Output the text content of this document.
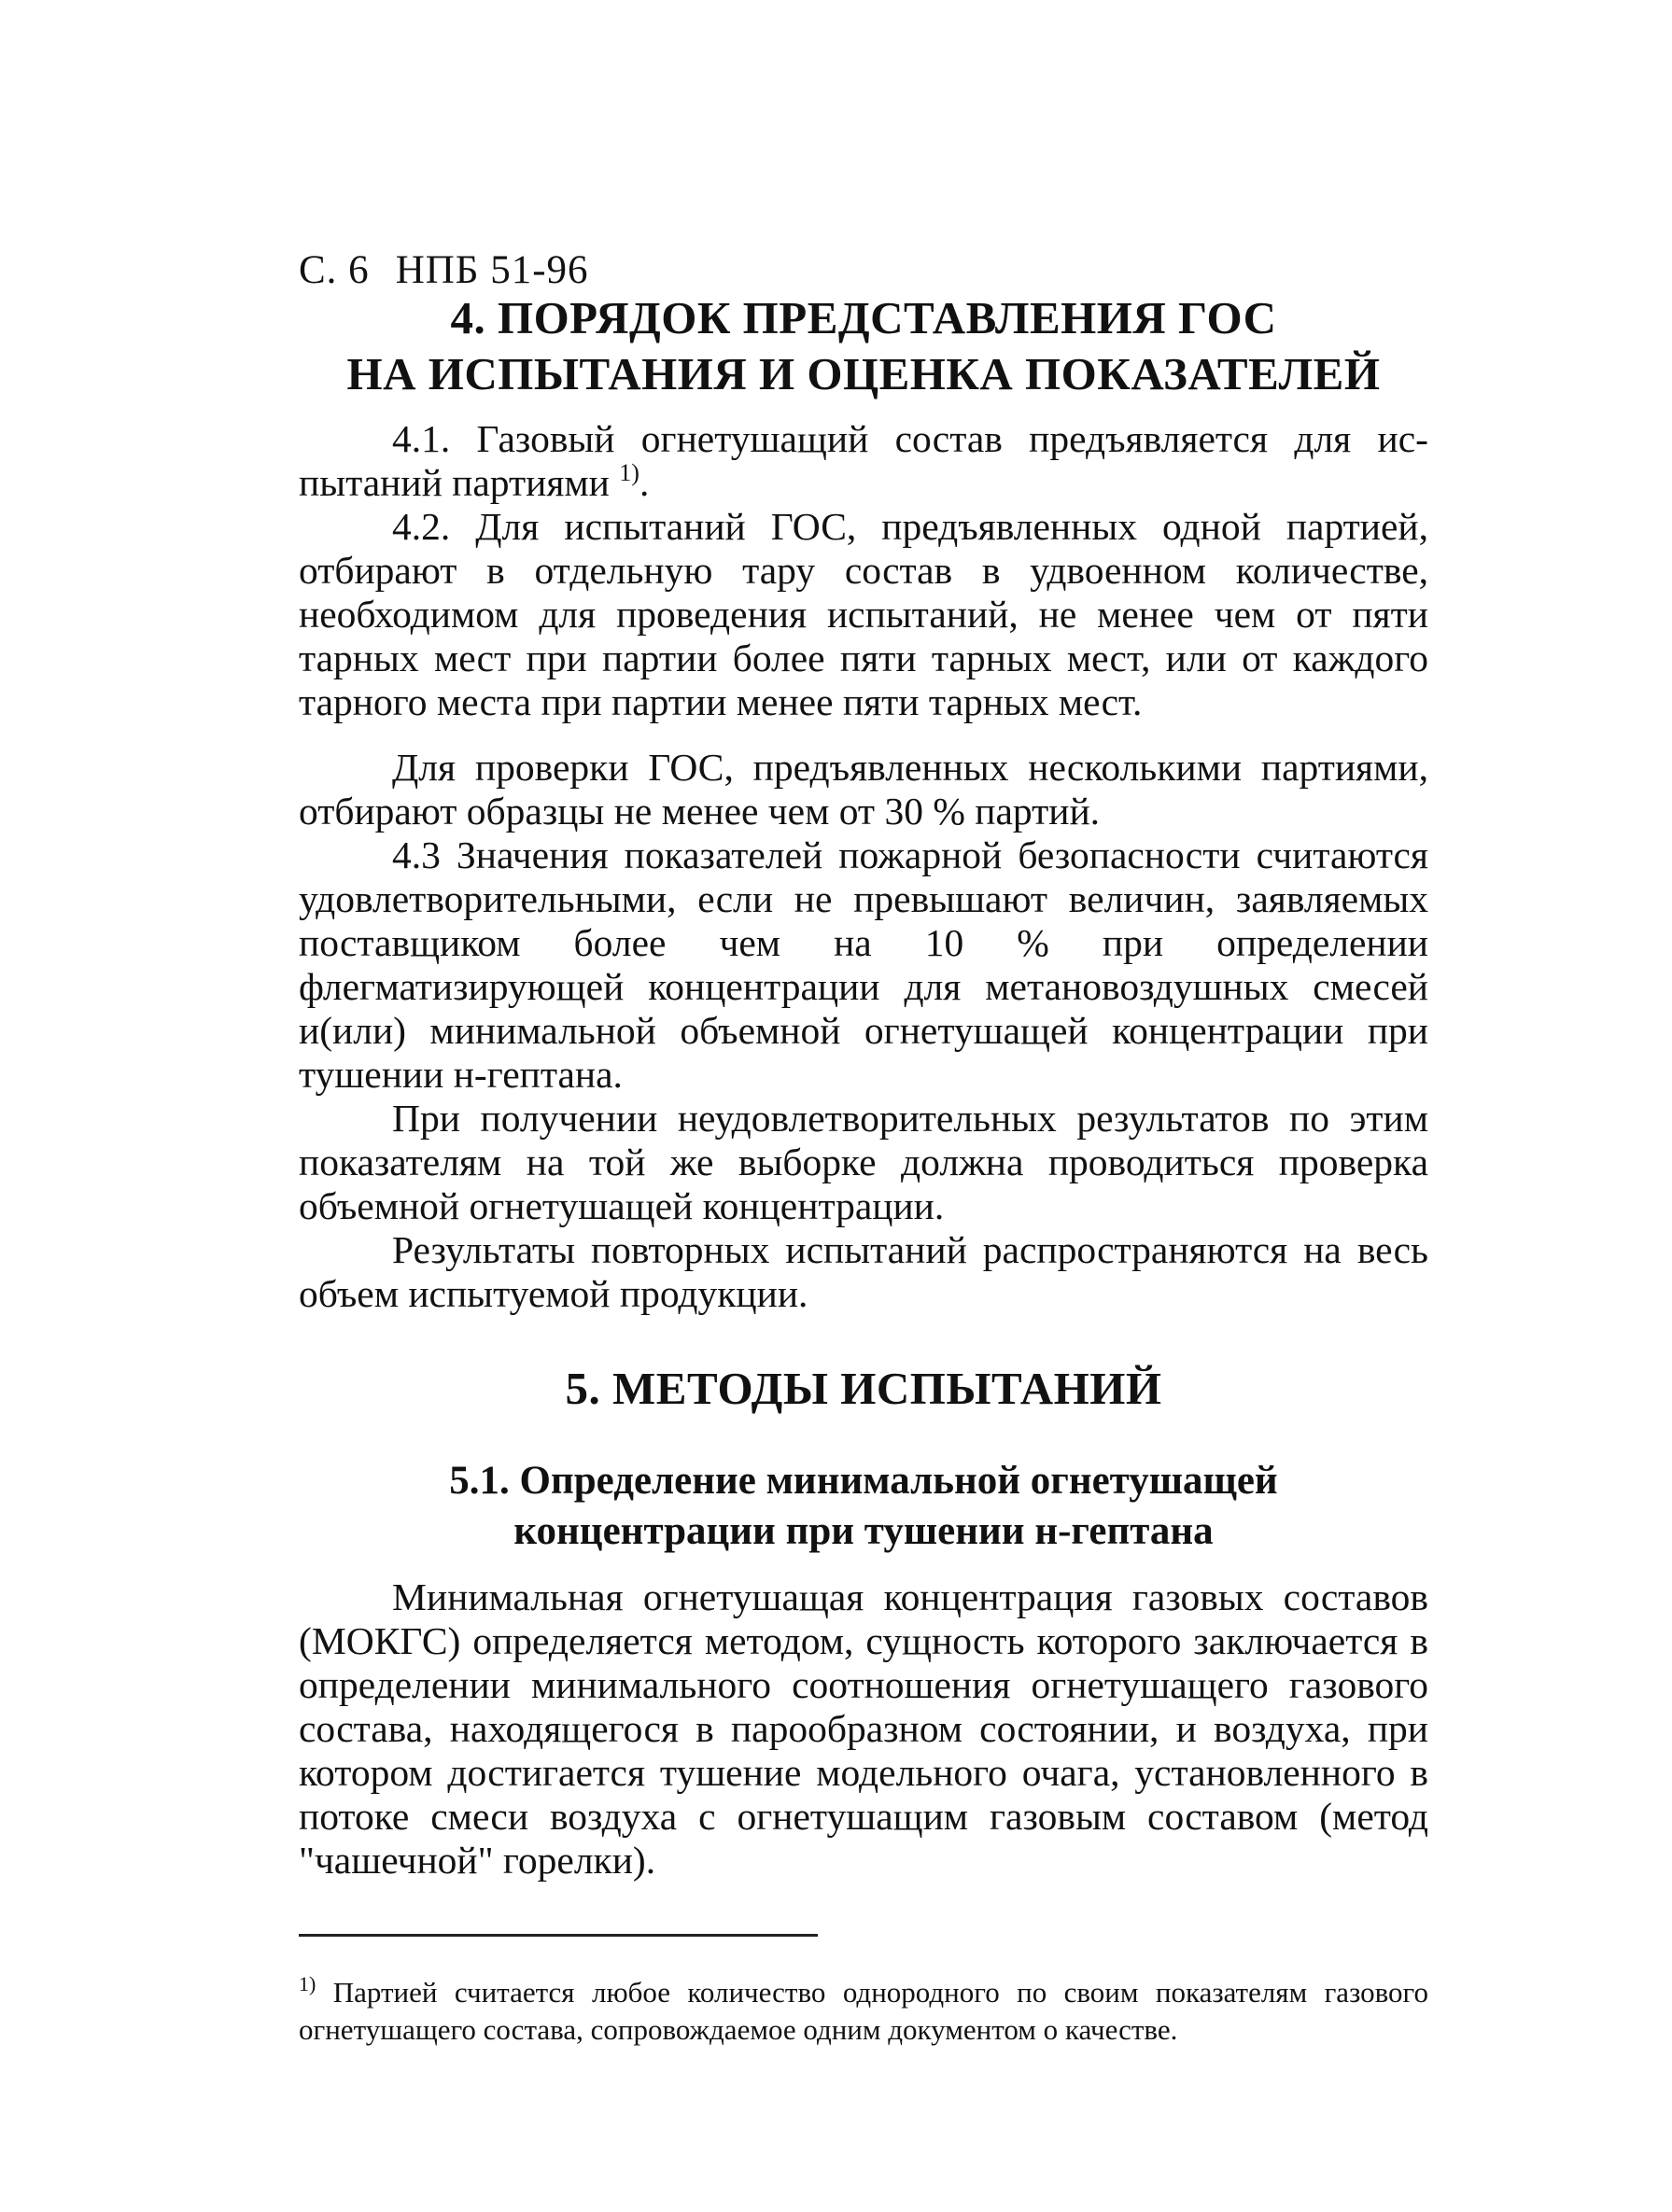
С. 6 НПБ 51-96
4. ПОРЯДОК ПРЕДСТАВЛЕНИЯ ГОС
НА ИСПЫТАНИЯ И ОЦЕНКА ПОКАЗАТЕЛЕЙ

4.1. Газовый огнетушащий состав предъявляется для испытаний партиями $^{1)}$.

4.2. Для испытаний ГОС, предъявленных одной партией, отбирают в отдельную тару состав в удвоенном количестве, необходимом для проведения испытаний, не менее чем от пяти тарных мест при партии более пяти тарных мест, или от каждого тарного места при партии менее пяти тарных мест.

Для проверки ГОС, предъявленных несколькими партиями, отбирают образцы не менее чем от 30 % партий.

4.3 Значения показателей пожарной безопасности считаются удовлетворительными, если не превышают величин, заявляемых поставщиком более чем на 10 % при определении флегматизирующей концентрации для метановоздушных смесей и(или) минимальной объемной огнетушащей концентрации при тушении н-гептана.

При получении неудовлетворительных результатов по этим показателям на той же выборке должна проводиться проверка объемной огнетушащей концентрации.

Результаты повторных испытаний распространяются на весь объем испытуемой продукции.

5. МЕТОДЫ ИСПЫТАНИЙ
5.1. Определение минимальной огнетушащей
концентрации при тушении н-гептана

Минимальная огнетушащая концентрация газовых составов (МОКГС) определяется методом, сущность которого заключается в определении минимального соотношения огнетушащего газового состава, находящегося в парообразном состоянии, и воздуха, при котором достигается тушение модельного очага, установленного в потоке смеси воздуха с огнетушащим газовым составом (метод "чашечной" горелки).

$^{1)}$ Партией считается любое количество однородного по своим показателям газового огнетушащего состава, сопровождаемое одним документом о качестве.
